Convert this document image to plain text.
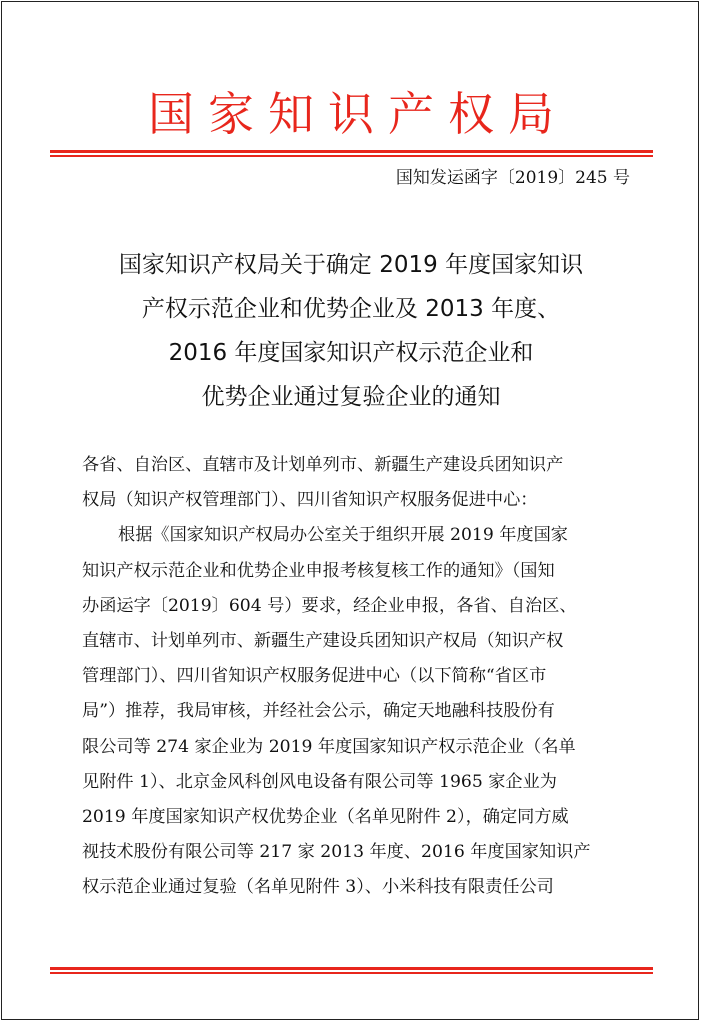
国家知识产权局
国知发运函字〔2019〕245 号
国家知识产权局关于确定 2019 年度国家知识
产权示范企业和优势企业及 2013 年度、
2016 年度国家知识产权示范企业和
优势企业通过复验企业的通知
各省、自治区、直辖市及计划单列市、新疆生产建设兵团知识产
权局（知识产权管理部门）、四川省知识产权服务促进中心：
根据《国家知识产权局办公室关于组织开展 2019 年度国家
知识产权示范企业和优势企业申报考核复核工作的通知》（国知
办函运字〔2019〕604 号）要求，经企业申报，各省、自治区、
直辖市、计划单列市、新疆生产建设兵团知识产权局（知识产权
管理部门）、四川省知识产权服务促进中心（以下简称“省区市
局”）推荐，我局审核，并经社会公示，确定天地融科技股份有
限公司等 274 家企业为 2019 年度国家知识产权示范企业（名单
见附件 1）、北京金风科创风电设备有限公司等 1965 家企业为
2019 年度国家知识产权优势企业（名单见附件 2），确定同方威
视技术股份有限公司等 217 家 2013 年度、2016 年度国家知识产
权示范企业通过复验（名单见附件 3）、小米科技有限责任公司
